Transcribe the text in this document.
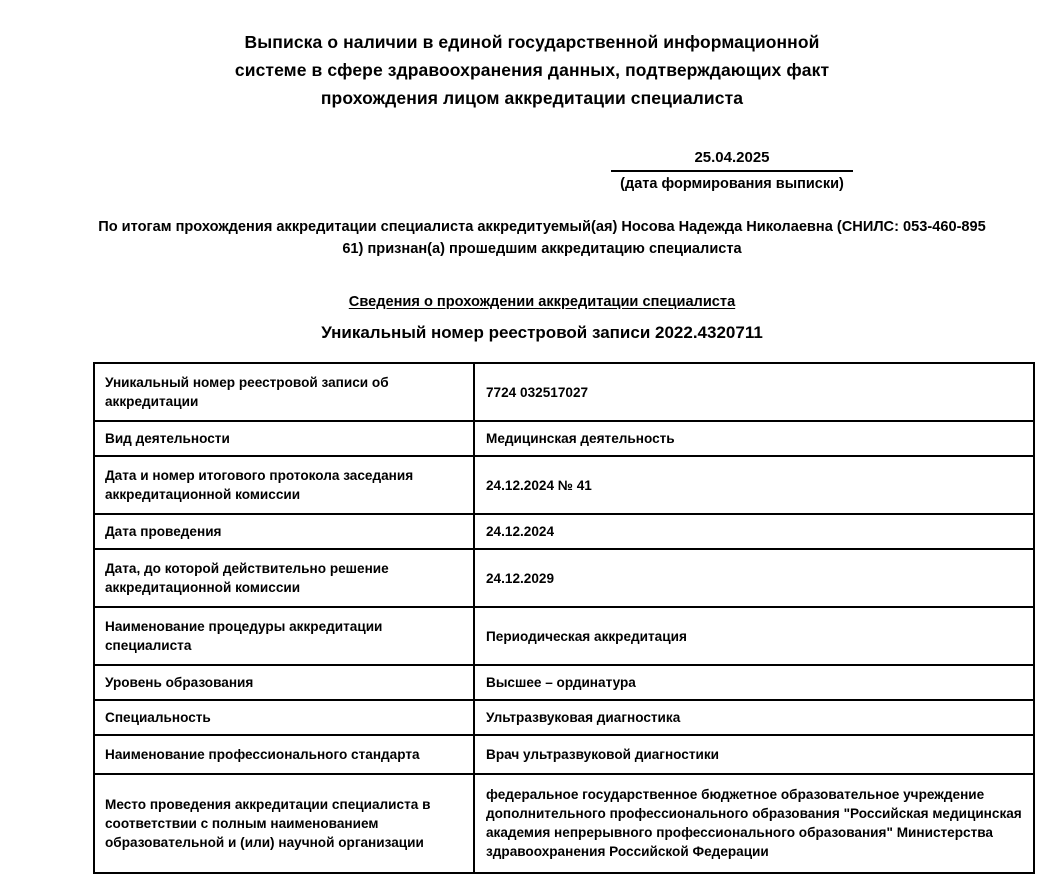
Выписка о наличии в единой государственной информационной
системе в сфере здравоохранения данных, подтверждающих факт
прохождения лицом аккредитации специалиста
25.04.2025
(дата формирования выписки)
По итогам прохождения аккредитации специалиста аккредитуемый(ая) Носова Надежда Николаевна (СНИЛС: 053-460-895 61) признан(а) прошедшим аккредитацию специалиста
Сведения о прохождении аккредитации специалиста
Уникальный номер реестровой записи 2022.4320711
Уникальный номер реестровой записи об аккредитации	7724 032517027
Вид деятельности	Медицинская деятельность
Дата и номер итогового протокола заседания аккредитационной комиссии	24.12.2024 № 41
Дата проведения	24.12.2024
Дата, до которой действительно решение аккредитационной комиссии	24.12.2029
Наименование процедуры аккредитации специалиста	Периодическая аккредитация
Уровень образования	Высшее – ординатура
Специальность	Ультразвуковая диагностика
Наименование профессионального стандарта	Врач ультразвуковой диагностики
Место проведения аккредитации специалиста в соответствии с полным наименованием образовательной и (или) научной организации	федеральное государственное бюджетное образовательное учреждение дополнительного профессионального образования "Российская медицинская академия непрерывного профессионального образования" Министерства здравоохранения Российской Федерации
